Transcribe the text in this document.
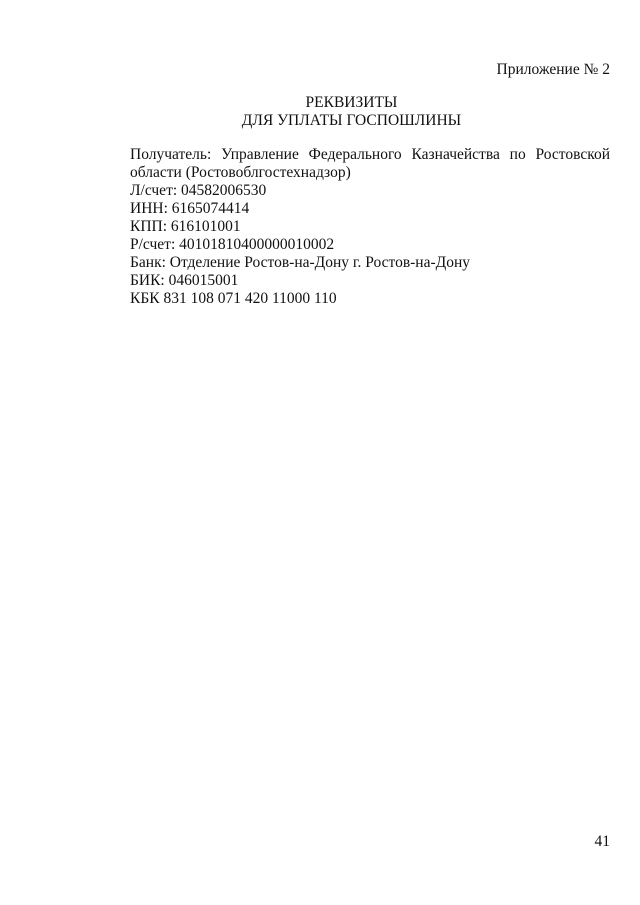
Приложение № 2
РЕКВИЗИТЫ
ДЛЯ УПЛАТЫ ГОСПОШЛИНЫ
Получатель: Управление Федерального Казначейства по Ростовской области (Ростовоблгостехнадзор)
Л/счет: 04582006530
ИНН: 6165074414
КПП: 616101001
Р/счет: 40101810400000010002
Банк: Отделение Ростов-на-Дону г. Ростов-на-Дону
БИК: 046015001
КБК 831 108 071 420 11000 110
41
